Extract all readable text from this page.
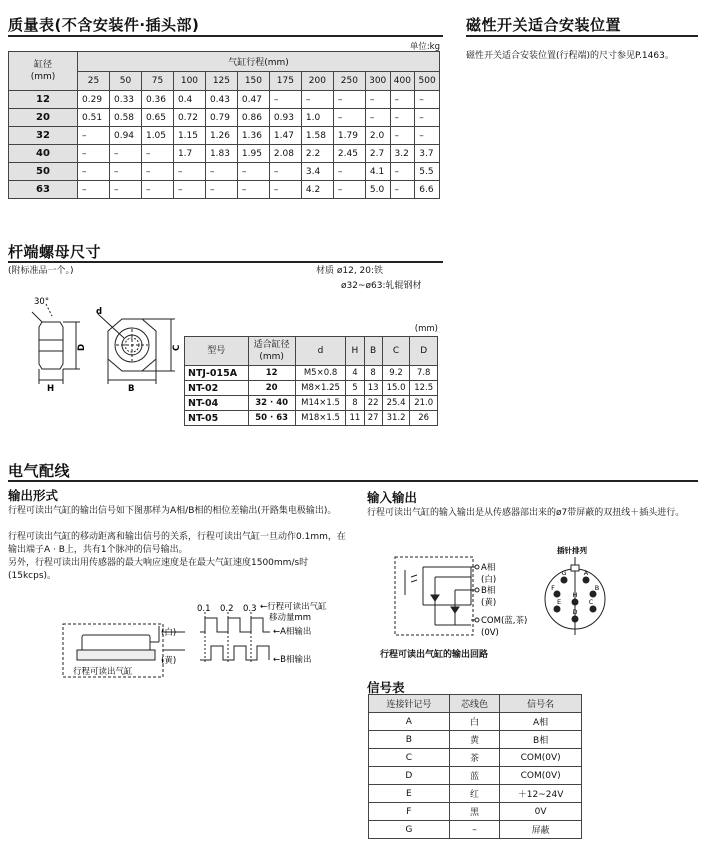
质量表(不含安装件·插头部)
单位:kg
缸径
(mm)	气缸行程(mm)											
	25	50	75	100	125	150	175	200	250	300	400	500
12	0.29	0.33	0.36	0.4	0.43	0.47	–	–	–	–	–	–
20	0.51	0.58	0.65	0.72	0.79	0.86	0.93	1.0	–	–	–	–
32	–	0.94	1.05	1.15	1.26	1.36	1.47	1.58	1.79	2.0	–	–
40	–	–	–	1.7	1.83	1.95	2.08	2.2	2.45	2.7	3.2	3.7
50	–	–	–	–	–	–	–	3.4	–	4.1	–	5.5
63	–	–	–	–	–	–	–	4.2	–	5.0	–	6.6
磁性开关适合安装位置
磁性开关适合安装位置(行程端)的尺寸参见P.1463。
杆端螺母尺寸
(附标准品一个。)	材质 ø12, 20:铁
ø32~ø63:轧辊钢材
30°
D
H
d
B
C
(mm)
型号	适合缸径
(mm)	d	H	B	C	D
NTJ-015A	12	M5×0.8	4	8	9.2	7.8
NT-02	20	M8×1.25	5	13	15.0	12.5
NT-04	32 · 40	M14×1.5	8	22	25.4	21.0
NT-05	50 · 63	M18×1.5	11	27	31.2	26
电气配线
输出形式
行程可读出气缸的输出信号如下图那样为A相/B相的相位差输出(开路集电极输出)。
行程可读出气缸的移动距离和输出信号的关系，行程可读出气缸一旦动作0.1mm，在输出端子A · B上，共有1个脉冲的信号输出。
另外，行程可读出用传感器的最大响应速度是在最大气缸速度1500mm/s时(15kcps)。
行程可读出气缸
(白)
(黄)
0.1 0.2 0.3 ←行程可读出气缸
移动量mm
←A相输出
←B相输出
输入输出
行程可读出气缸的输入输出是从传感器部出来的ø7带屏蔽的双扭线＋插头进行。
A相
(白)
B相
(黄)
COM(蓝,茶)
(0V)
行程可读出气缸的输出回路
插针排列
G	A
F	B
H
E	C
D
信号表
连接针记号	芯线色	信号名
A	白	A相
B	黄	B相
C	茶	COM(0V)
D	蓝	COM(0V)
E	红	＋12~24V
F	黑	0V
G	–	屏蔽
